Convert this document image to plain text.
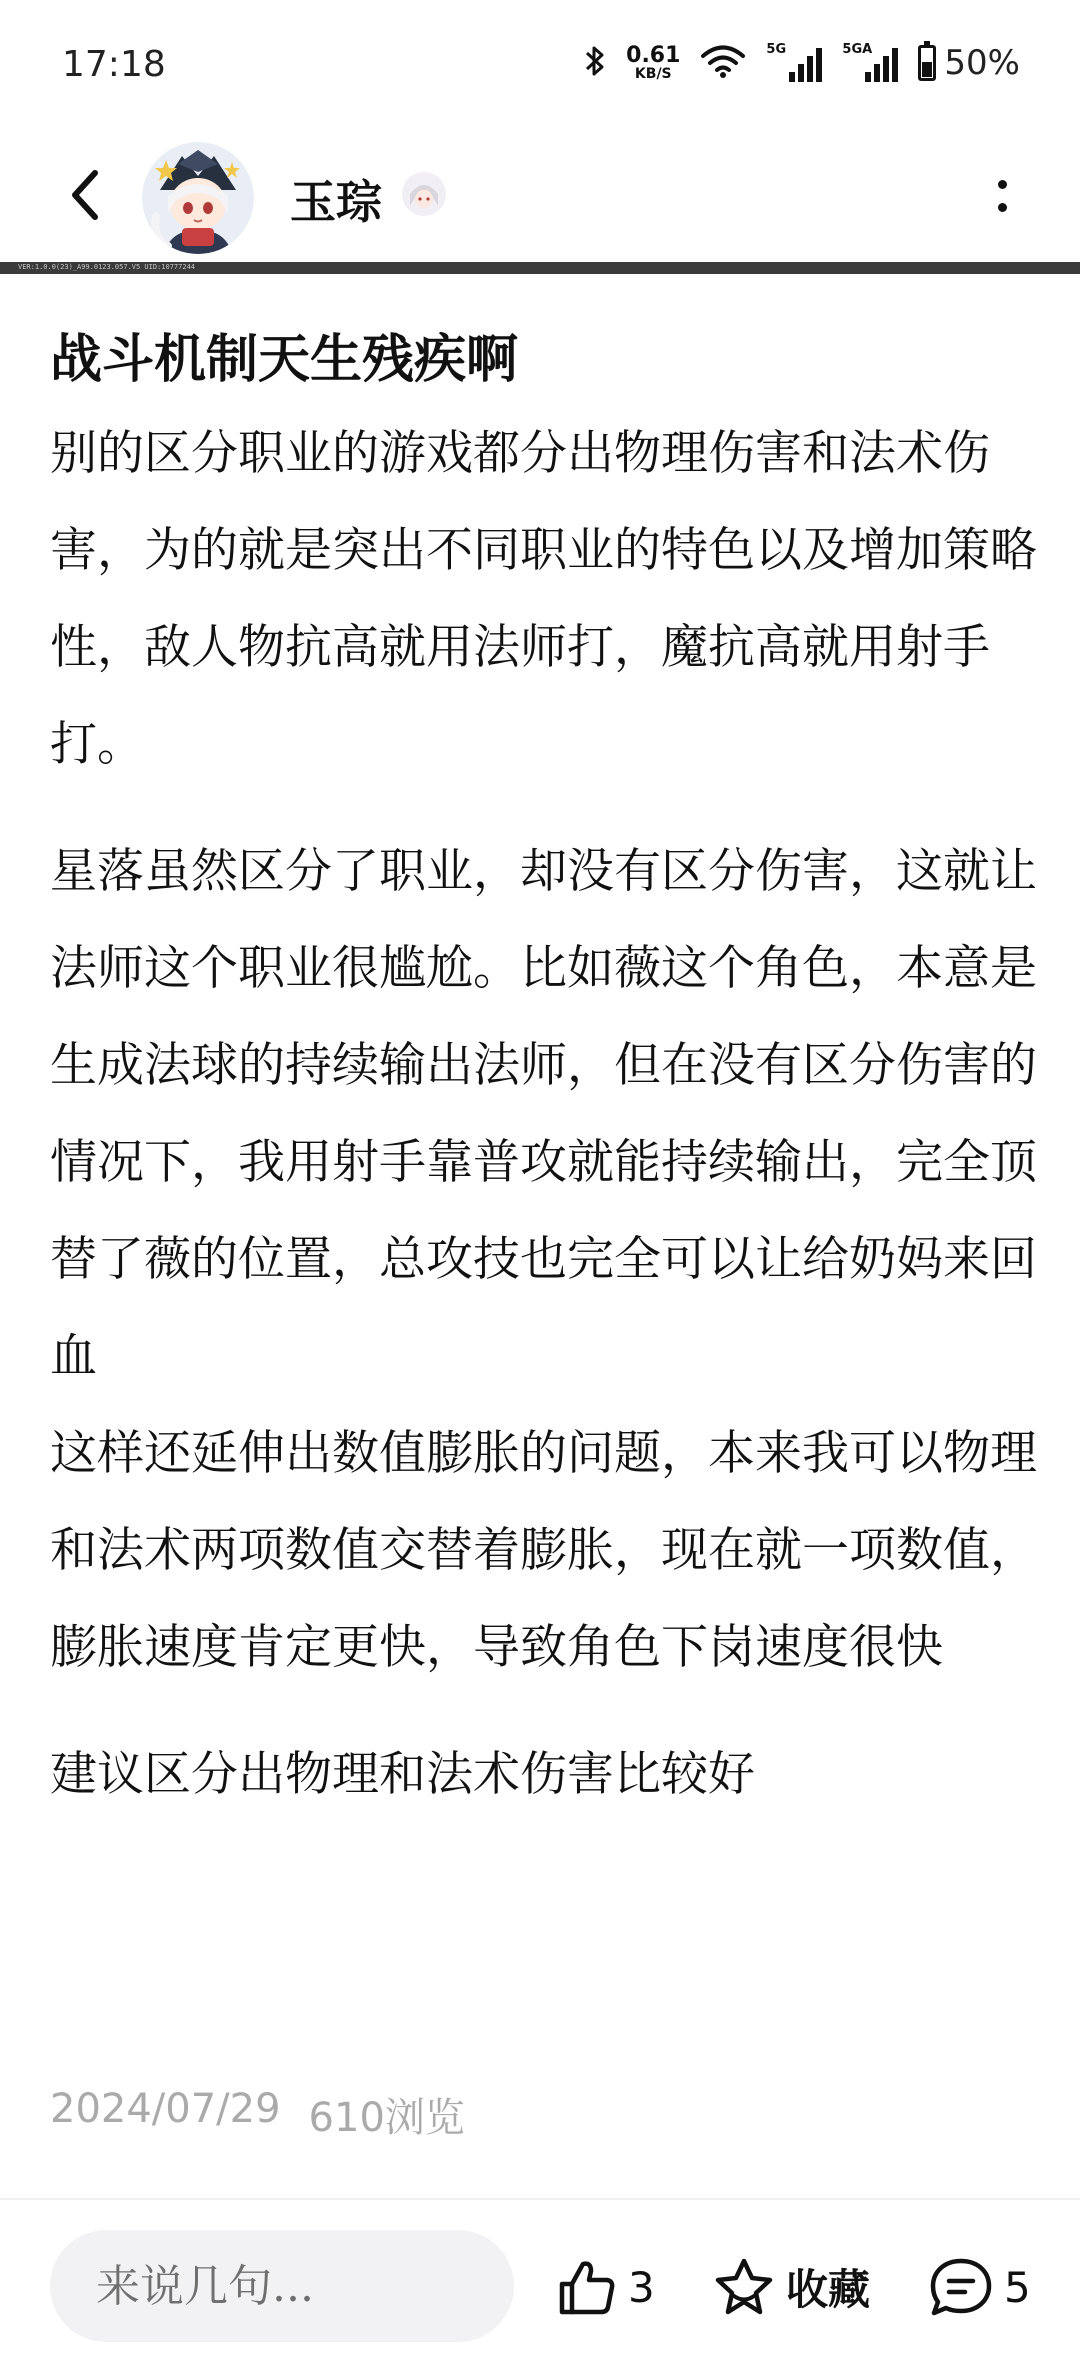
17:18	0.61
KB/S
5G	5GA 50%
玉琮
VER:1.0.0(23)_A99.0123.057.V5 UID:10777244
战斗机制天生残疾啊
别的区分职业的游戏都分出物理伤害和法术伤害，为的就是突出不同职业的特色以及增加策略性，敌人物抗高就用法师打，魔抗高就用射手打。
星落虽然区分了职业，却没有区分伤害，这就让法师这个职业很尴尬。比如薇这个角色，本意是生成法球的持续输出法师，但在没有区分伤害的情况下，我用射手靠普攻就能持续输出，完全顶替了薇的位置，总攻技也完全可以让给奶妈来回血
这样还延伸出数值膨胀的问题，本来我可以物理和法术两项数值交替着膨胀，现在就一项数值，膨胀速度肯定更快，导致角色下岗速度很快
建议区分出物理和法术伤害比较好
2024/07/29 610浏览
来说几句...
3	收藏	5
